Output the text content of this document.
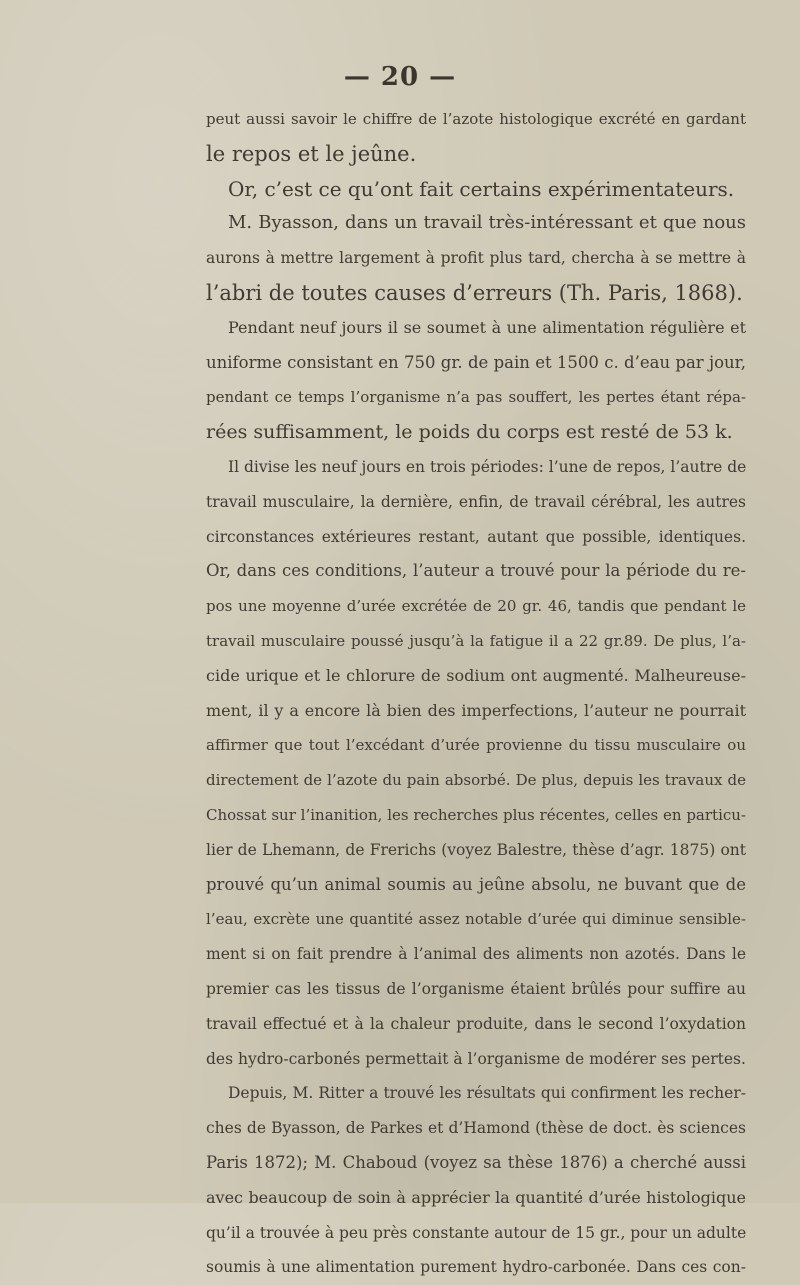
— 20 —
peut aussi savoir le chiffre de l’azote histologique excrété en gardant
le repos et le jeûne.
Or, c’est ce qu’ont fait certains expérimentateurs.
M. Byasson, dans un travail très-intéressant et que nous
aurons à mettre largement à profit plus tard, chercha à se mettre à
l’abri de toutes causes d’erreurs (Th. Paris, 1868).
Pendant neuf jours il se soumet à une alimentation régulière et
uniforme consistant en 750 gr. de pain et 1500 c. d’eau par jour,
pendant ce temps l’organisme n’a pas souffert, les pertes étant répa-
rées suffisamment, le poids du corps est resté de 53 k.
Il divise les neuf jours en trois périodes: l’une de repos, l’autre de
travail musculaire, la dernière, enfin, de travail cérébral, les autres
circonstances extérieures restant, autant que possible, identiques.
Or, dans ces conditions, l’auteur a trouvé pour la période du re-
pos une moyenne d’urée excrétée de 20 gr. 46, tandis que pendant le
travail musculaire poussé jusqu’à la fatigue il a 22 gr.89. De plus, l’a-
cide urique et le chlorure de sodium ont augmenté. Malheureuse-
ment, il y a encore là bien des imperfections, l’auteur ne pourrait
affirmer que tout l’excédant d’urée provienne du tissu musculaire ou
directement de l’azote du pain absorbé. De plus, depuis les travaux de
Chossat sur l’inanition, les recherches plus récentes, celles en particu-
lier de Lhemann, de Frerichs (voyez Balestre, thèse d’agr. 1875) ont
prouvé qu’un animal soumis au jeûne absolu, ne buvant que de
l’eau, excrète une quantité assez notable d’urée qui diminue sensible-
ment si on fait prendre à l’animal des aliments non azotés. Dans le
premier cas les tissus de l’organisme étaient brûlés pour suffire au
travail effectué et à la chaleur produite, dans le second l’oxydation
des hydro-carbonés permettait à l’organisme de modérer ses pertes.
Depuis, M. Ritter a trouvé les résultats qui confirment les recher-
ches de Byasson, de Parkes et d’Hamond (thèse de doct. ès sciences
Paris 1872); M. Chaboud (voyez sa thèse 1876) a cherché aussi
avec beaucoup de soin à apprécier la quantité d’urée histologique
qu’il a trouvée à peu près constante autour de 15 gr., pour un adulte
soumis à une alimentation purement hydro-carbonée. Dans ces con-
